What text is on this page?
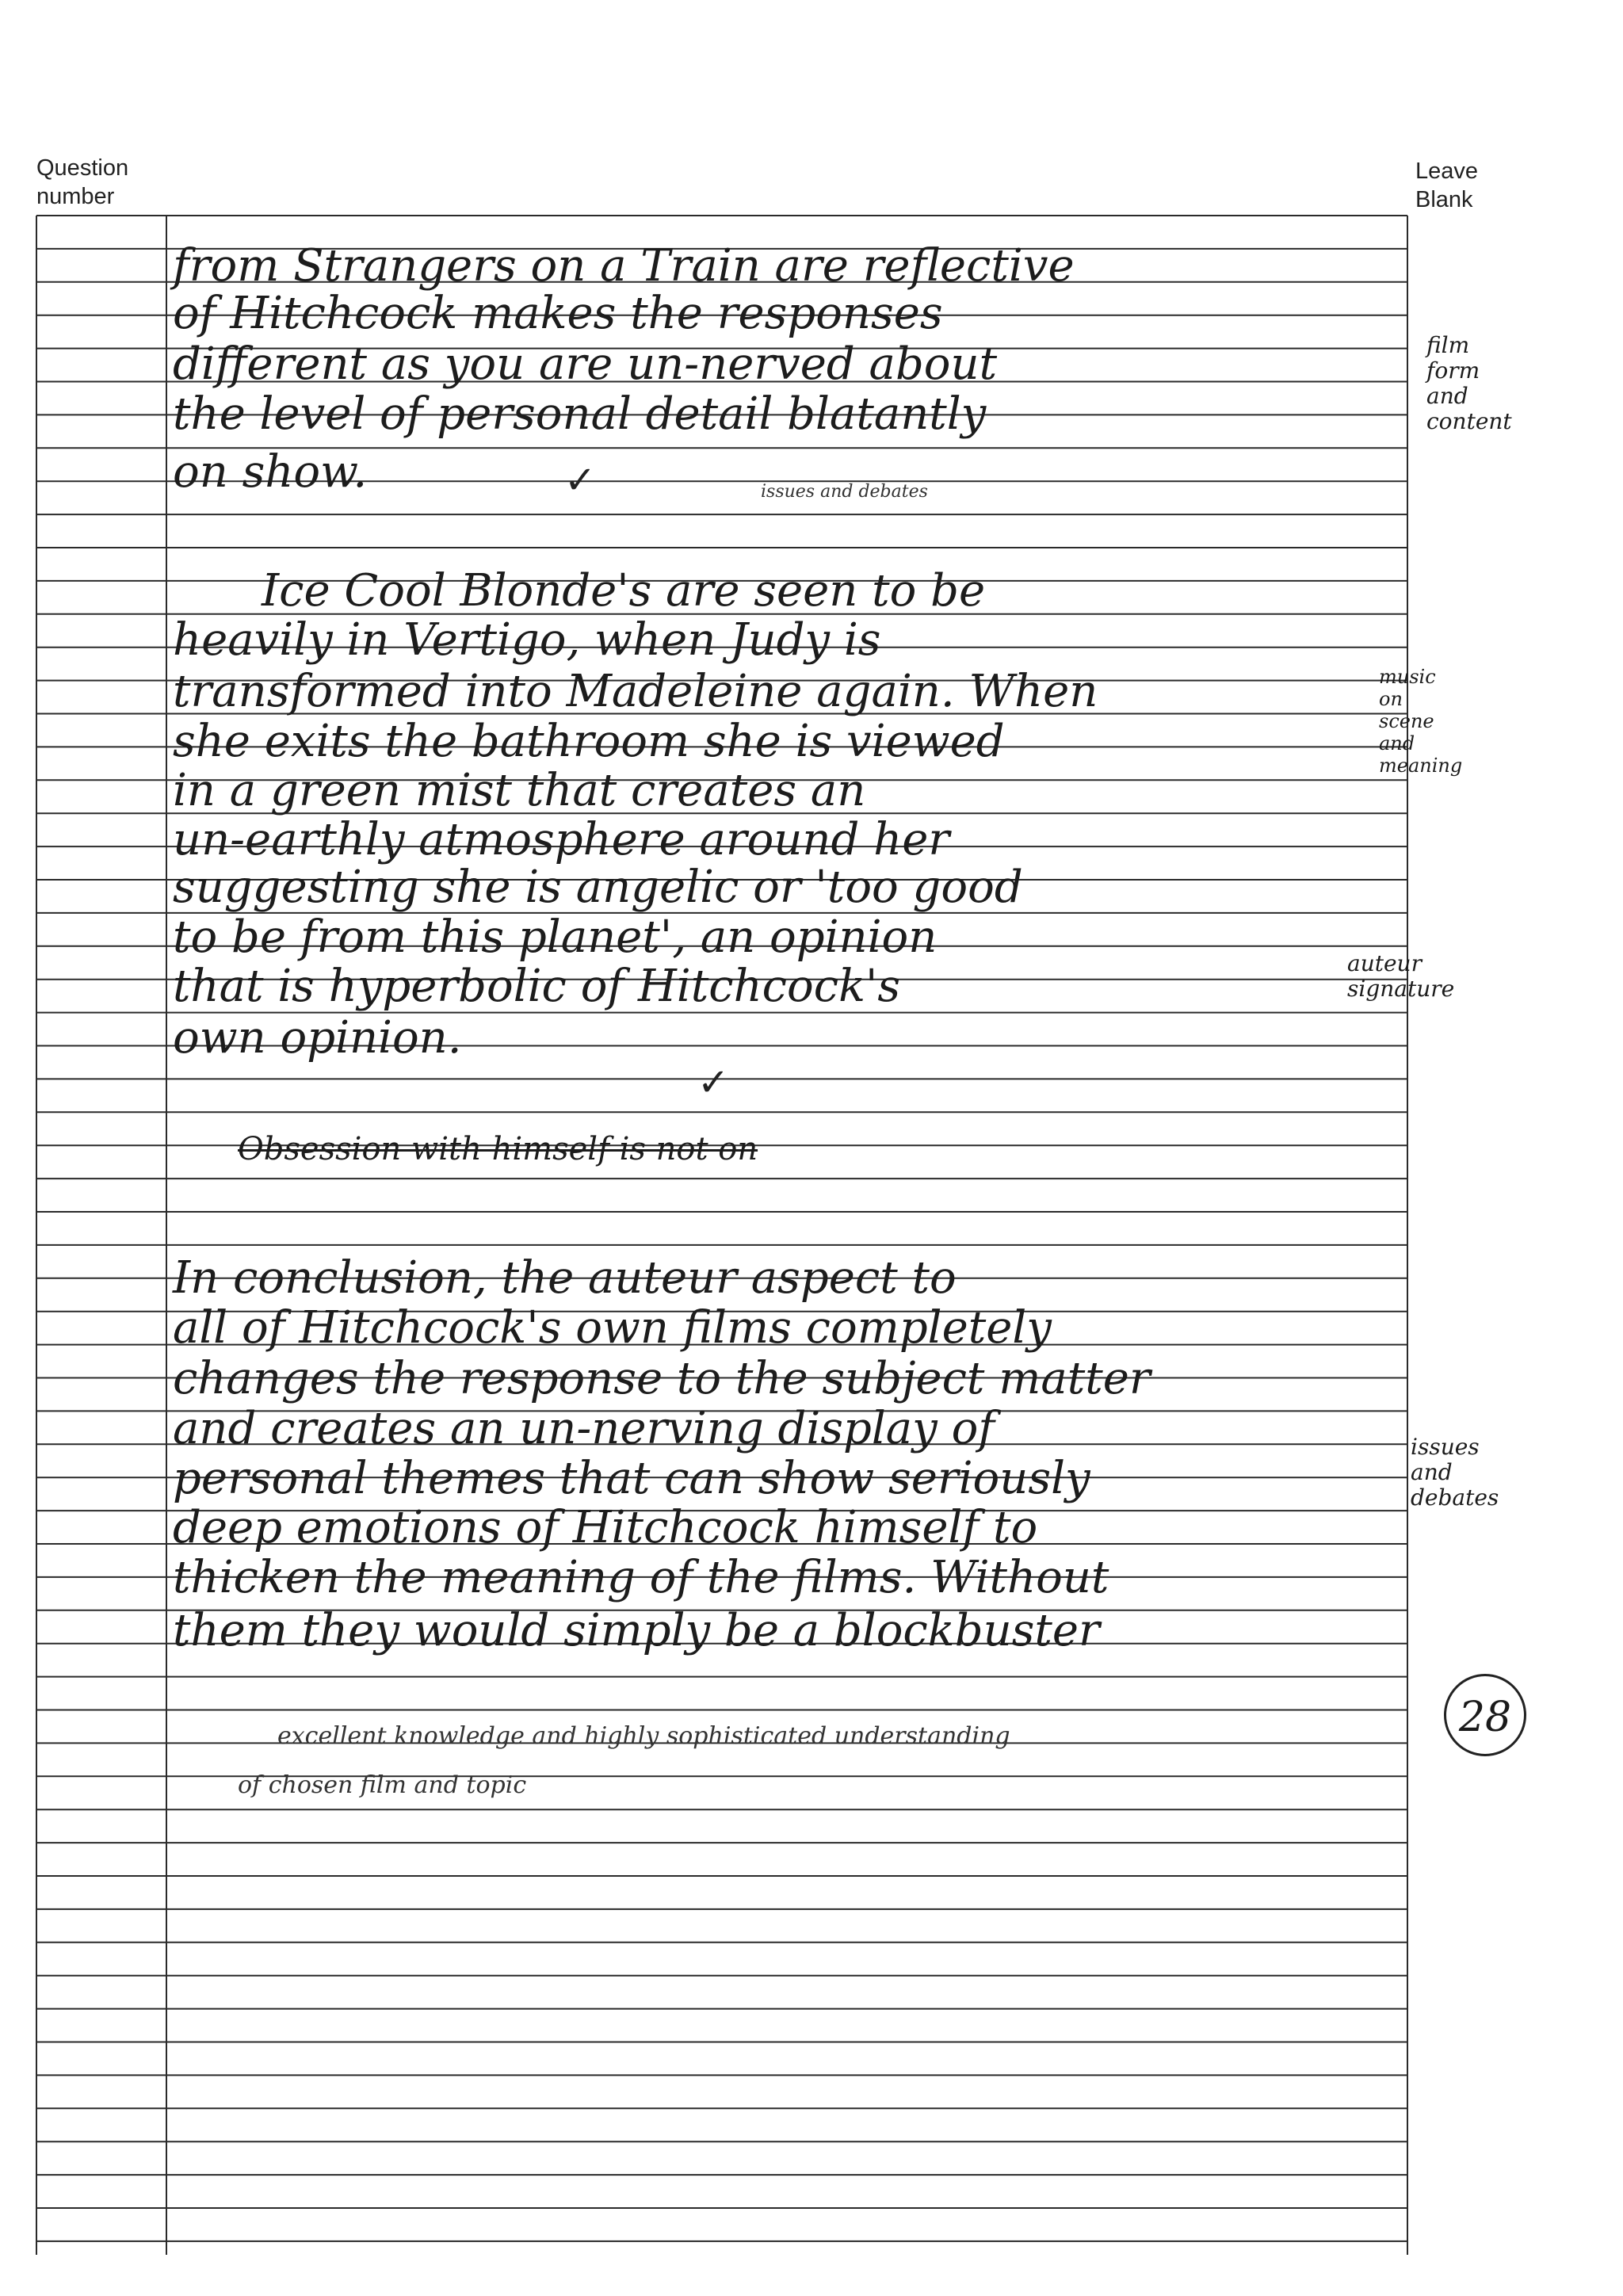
Question
number
Leave
Blank
from Strangers on a Train are reflective
of Hitchcock makes the responses
different as you are un-nerved about
the level of personal detail blatantly
on show.
Ice Cool Blonde's are seen to be
heavily in Vertigo, when Judy is
transformed into Madeleine again. When
she exits the bathroom she is viewed
in a green mist that creates an
un-earthly atmosphere around her
suggesting she is angelic or 'too good
to be from this planet', an opinion
that is hyperbolic of Hitchcock's
own opinion.
Obsession with himself is not on
In conclusion, the auteur aspect to
all of Hitchcock's own films completely
changes the response to the subject matter
and creates an un-nerving display of
personal themes that can show seriously
deep emotions of Hitchcock himself to
thicken the meaning of the films. Without
them they would simply be a blockbuster
issues and debates
excellent knowledge and highly sophisticated understanding
of chosen film and topic
film
form
and
content
music
on
scene
and
meaning
auteur
signature
issues
and
debates
✓
✓
28
